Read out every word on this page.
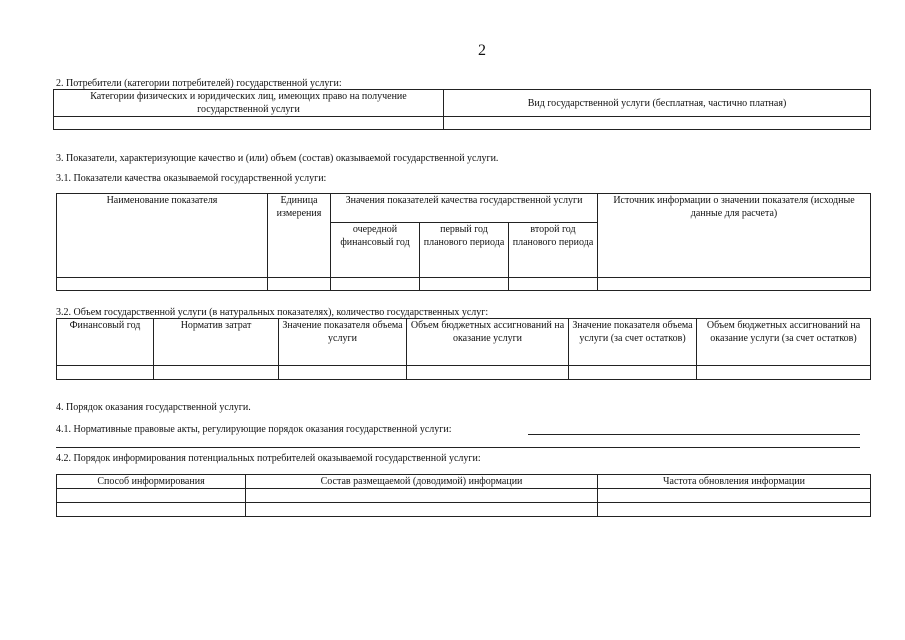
2
2. Потребители (категории потребителей) государственной услуги:
Категории физических и юридических лиц, имеющих право на получение государственной услуги	Вид государственной услуги (бесплатная, частично платная)

3. Показатели, характеризующие качество и (или) объем (состав) оказываемой государственной услуги.
3.1. Показатели качества оказываемой государственной услуги:
Наименование показателя	Единица измерения	Значения показателей качества государственной услуги			Источник информации о значении показателя (исходные данные для расчета)
		очередной финансовый год	первый год планового периода	второй год планового периода	

3.2. Объем государственной услуги (в натуральных показателях), количество государственных услуг:
Финансовый год	Норматив затрат	Значение показателя объема услуги	Объем бюджетных ассигнований на оказание услуги	Значение показателя объема услуги (за счет остатков)	Объем бюджетных ассигнований на оказание услуги (за счет остатков)

4. Порядок оказания государственной услуги.
4.1. Нормативные правовые акты, регулирующие порядок оказания государственной услуги:
4.2. Порядок информирования потенциальных потребителей оказываемой государственной услуги:
Способ информирования	Состав размещаемой (доводимой) информации	Частота обновления информации
